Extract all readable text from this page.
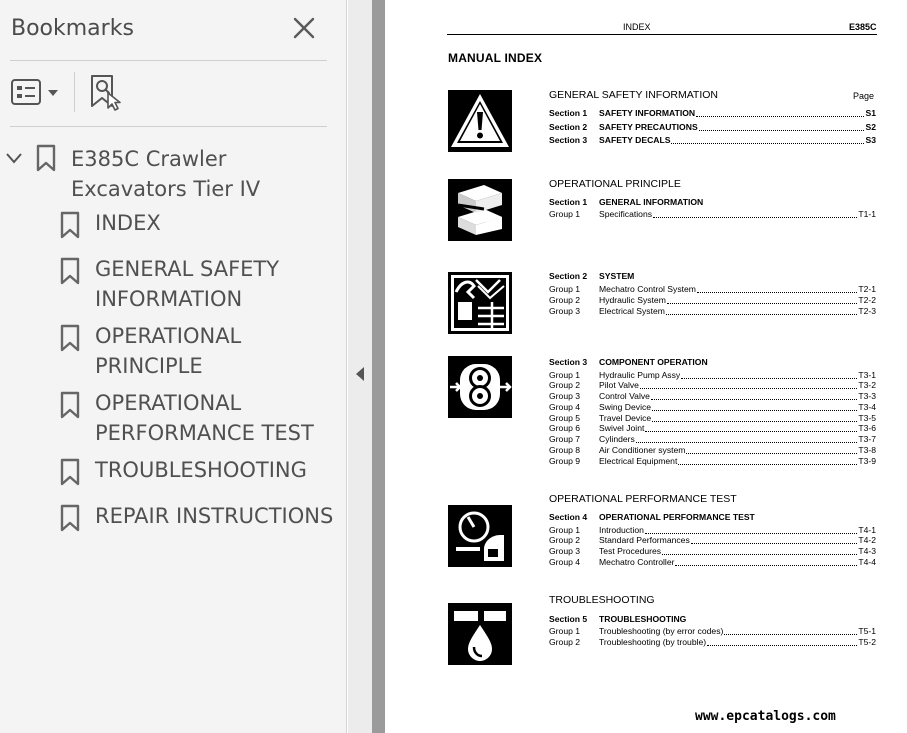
Bookmarks
E385C Crawler Excavators Tier IV
INDEX
GENERAL SAFETY INFORMATION
OPERATIONAL PRINCIPLE
OPERATIONAL PERFORMANCE TEST
TROUBLESHOOTING
REPAIR INSTRUCTIONS
INDEX	E385C
MANUAL INDEX
GENERAL SAFETY INFORMATION	Page
OPERATIONAL PRINCIPLE
OPERATIONAL PERFORMANCE TEST
TROUBLESHOOTING
Section 1	SAFETY INFORMATION	S1
Section 2	SAFETY PRECAUTIONS	S2
Section 3	SAFETY DECALS	S3
Section 1	GENERAL INFORMATION
Group 1	Specifications	T1-1
Section 2	SYSTEM
Group 1	Mechatro Control System	T2-1
Group 2	Hydraulic System	T2-2
Group 3	Electrical System	T2-3
Section 3	COMPONENT OPERATION
Group 1	Hydraulic Pump Assy	T3-1
Group 2	Pilot Valve	T3-2
Group 3	Control Valve	T3-3
Group 4	Swing Device	T3-4
Group 5	Travel Device	T3-5
Group 6	Swivel Joint	T3-6
Group 7	Cylinders	T3-7
Group 8	Air Conditioner system	T3-8
Group 9	Electrical Equipment	T3-9
Section 4	OPERATIONAL PERFORMANCE TEST
Group 1	Introduction	T4-1
Group 2	Standard Performances	T4-2
Group 3	Test Procedures	T4-3
Group 4	Mechatro Controller	T4-4
Section 5	TROUBLESHOOTING
Group 1	Troubleshooting (by error codes)	T5-1
Group 2	Troubleshooting (by trouble)	T5-2
www.epcatalogs.com
